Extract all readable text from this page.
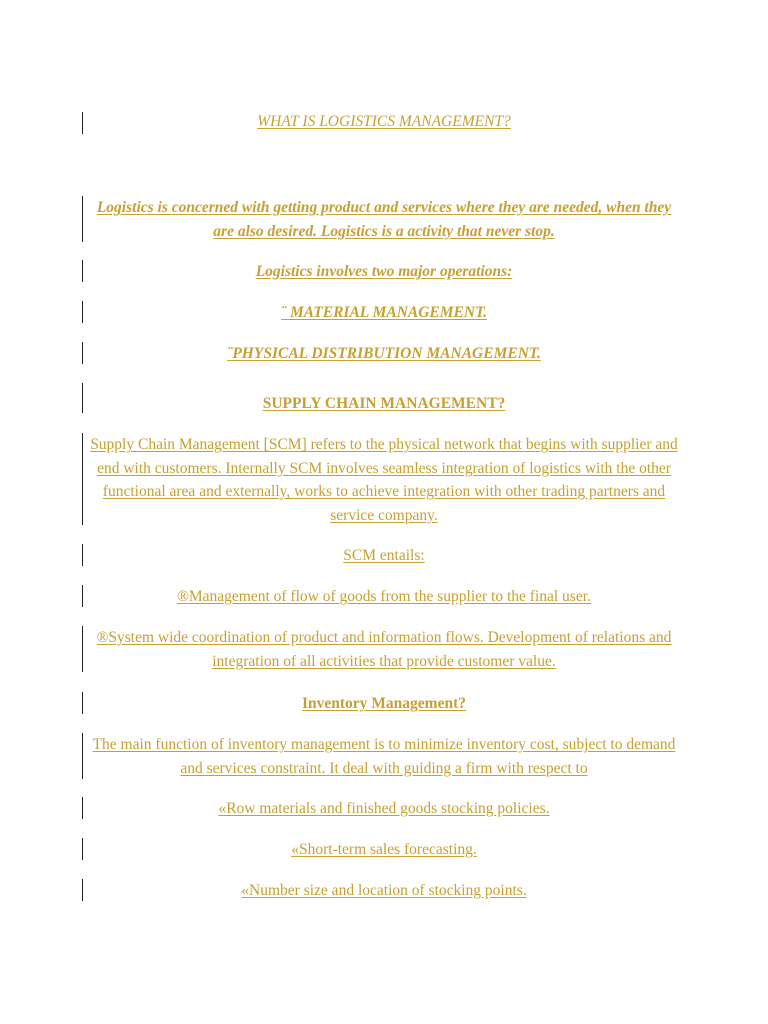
WHAT IS LOGISTICS MANAGEMENT?
Logistics is concerned with getting product and services where they are needed, when they are also desired. Logistics is a activity that never stop.
Logistics involves two major operations:
¨ MATERIAL MANAGEMENT.
¨PHYSICAL DISTRIBUTION MANAGEMENT.
SUPPLY CHAIN MANAGEMENT?
Supply Chain Management [SCM] refers to the physical network that begins with supplier and end with customers. Internally SCM involves seamless integration of logistics with the other functional area and externally, works to achieve integration with other trading partners and service company.
SCM entails:
®Management of flow of goods from the supplier to the final user.
®System wide coordination of product and information flows. Development of relations and integration of all activities that provide customer value.
Inventory Management?
The main function of inventory management is to minimize inventory cost, subject to demand and services constraint. It deal with guiding a firm with respect to
«Row materials and finished goods stocking policies.
«Short-term sales forecasting.
«Number size and location of stocking points.
